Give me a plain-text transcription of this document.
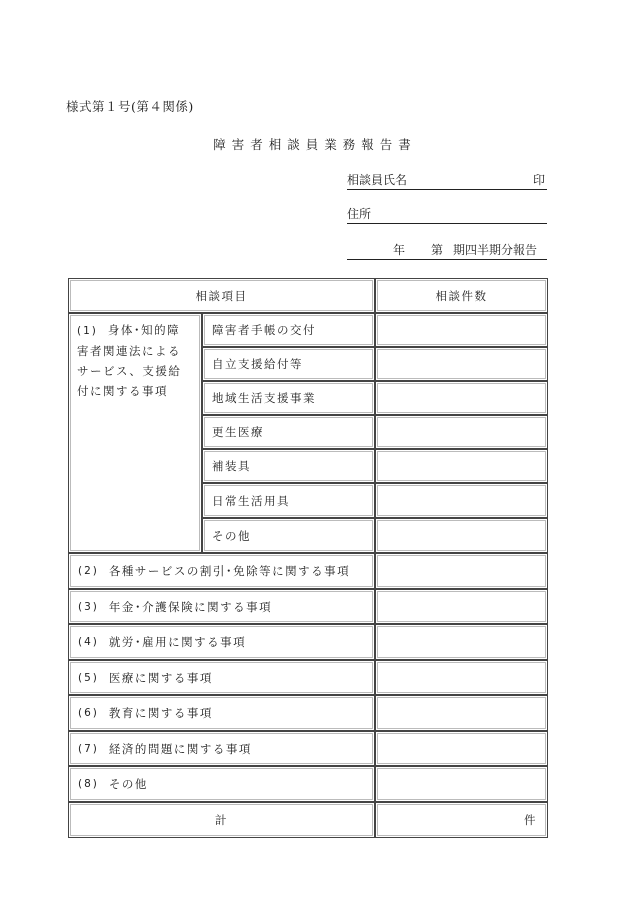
様式第１号(第４関係)
障害者相談員業務報告書
相談員氏名	印
住所
年 第 期四半期分報告
相談項目	相談件数
(1) 身体･知的障害者関連法によるサービス、支援給付に関する事項
障害者手帳の交付
自立支援給付等
地域生活支援事業
更生医療
補装具
日常生活用具
その他
(2) 各種サービスの割引･免除等に関する事項
(3) 年金･介護保険に関する事項
(4) 就労･雇用に関する事項
(5) 医療に関する事項
(6) 教育に関する事項
(7) 経済的問題に関する事項
(8) その他
計	件
